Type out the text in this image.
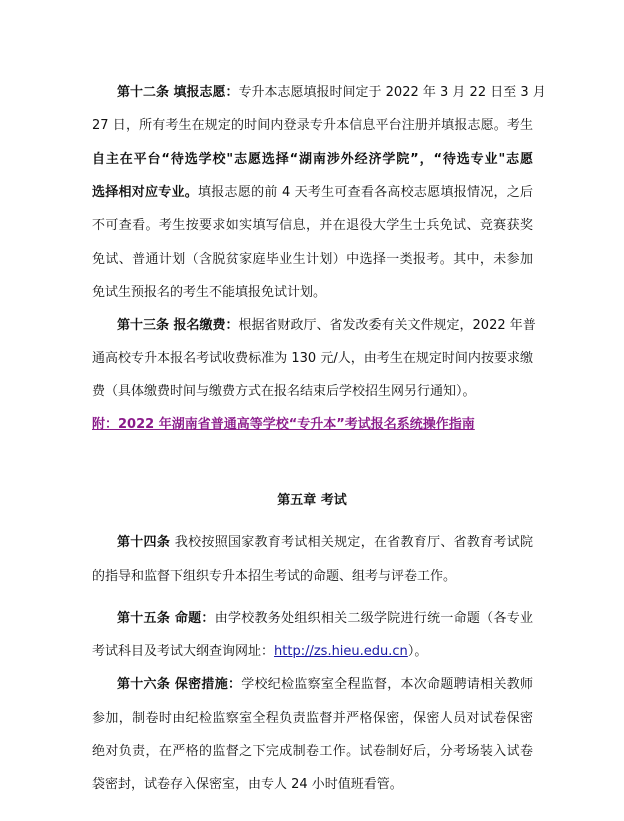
附：2022 年湖南省普通高等学校“专升本”考试报名系统操作指南
第五章 考试
第十二条 填报志愿：专升本志愿填报时间定于 2022 年 3 月 22 日至 3 月
27 日，所有考生在规定的时间内登录专升本信息平台注册并填报志愿。考生
自主在平台“待选学校"志愿选择“湖南涉外经济学院”，“待选专业"志愿
选择相对应专业。填报志愿的前 4 天考生可查看各高校志愿填报情况，之后
不可查看。考生按要求如实填写信息，并在退役大学生士兵免试、竞赛获奖
免试、普通计划（含脱贫家庭毕业生计划）中选择一类报考。其中，未参加
免试生预报名的考生不能填报免试计划。
第十三条 报名缴费：根据省财政厅、省发改委有关文件规定，2022 年普
通高校专升本报名考试收费标准为 130 元/人，由考生在规定时间内按要求缴
费（具体缴费时间与缴费方式在报名结束后学校招生网另行通知）。
第十四条 我校按照国家教育考试相关规定，在省教育厅、省教育考试院
的指导和监督下组织专升本招生考试的命题、组考与评卷工作。
第十五条 命题：由学校教务处组织相关二级学院进行统一命题（各专业
考试科目及考试大纲查询网址：http://zs.hieu.edu.cn）。
第十六条 保密措施：学校纪检监察室全程监督，本次命题聘请相关教师
参加，制卷时由纪检监察室全程负责监督并严格保密，保密人员对试卷保密
绝对负责，在严格的监督之下完成制卷工作。试卷制好后，分考场装入试卷
袋密封，试卷存入保密室，由专人 24 小时值班看管。
